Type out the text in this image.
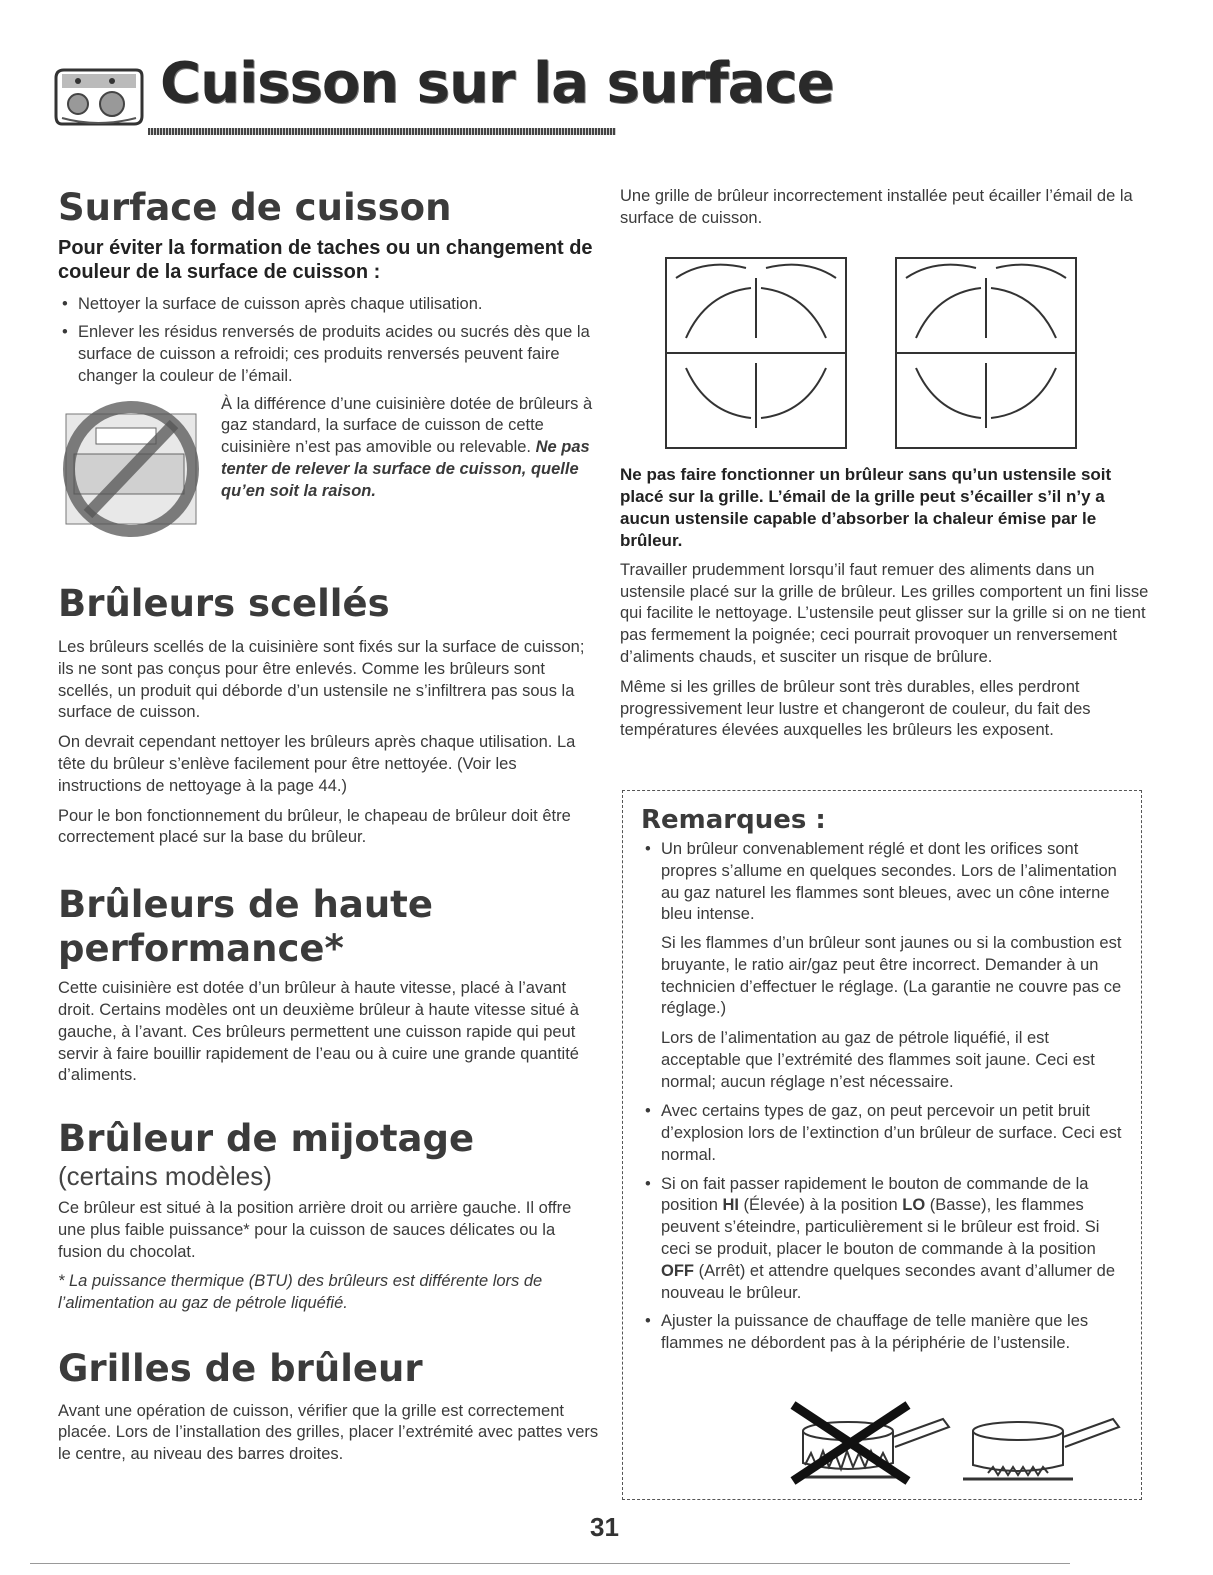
Cuisson sur la surface
Surface de cuisson
Pour éviter la formation de taches ou un changement de couleur de la surface de cuisson :
• Nettoyer la surface de cuisson après chaque utilisation.
• Enlever les résidus renversés de produits acides ou sucrés dès que la surface de cuisson a refroidi; ces produits renversés peuvent faire changer la couleur de l’émail.

À la différence d’une cuisinière dotée de brûleurs à gaz standard, la surface de cuisson de cette cuisinière n’est pas amovible ou relevable. Ne pas tenter de relever la surface de cuisson, quelle qu’en soit la raison.

Brûleurs scellés

Les brûleurs scellés de la cuisinière sont fixés sur la surface de cuisson; ils ne sont pas conçus pour être enlevés. Comme les brûleurs sont scellés, un produit qui déborde d’un ustensile ne s’infiltrera pas sous la surface de cuisson.

On devrait cependant nettoyer les brûleurs après chaque utilisation. La tête du brûleur s’enlève facilement pour être nettoyée. (Voir les instructions de nettoyage à la page 44.)

Pour le bon fonctionnement du brûleur, le chapeau de brûleur doit être correctement placé sur la base du brûleur.

Brûleurs de haute performance*

Cette cuisinière est dotée d’un brûleur à haute vitesse, placé à l’avant droit. Certains modèles ont un deuxième brûleur à haute vitesse situé à gauche, à l’avant. Ces brûleurs permettent une cuisson rapide qui peut servir à faire bouillir rapidement de l’eau ou à cuire une grande quantité d’aliments.

Brûleur de mijotage
(certains modèles)

Ce brûleur est situé à la position arrière droit ou arrière gauche. Il offre une plus faible puissance* pour la cuisson de sauces délicates ou la fusion du chocolat.

* La puissance thermique (BTU) des brûleurs est différente lors de l’alimentation au gaz de pétrole liquéfié.

Grilles de brûleur

Avant une opération de cuisson, vérifier que la grille est correctement placée. Lors de l’installation des grilles, placer l’extrémité avec pattes vers le centre, au niveau des barres droites.

Une grille de brûleur incorrectement installée peut écailler l’émail de la surface de cuisson.

Ne pas faire fonctionner un brûleur sans qu’un ustensile soit placé sur la grille. L’émail de la grille peut s’écailler s’il n’y a aucun ustensile capable d’absorber la chaleur émise par le brûleur.

Travailler prudemment lorsqu’il faut remuer des aliments dans un ustensile placé sur la grille de brûleur. Les grilles comportent un fini lisse qui facilite le nettoyage. L’ustensile peut glisser sur la grille si on ne tient pas fermement la poignée; ceci pourrait provoquer un renversement d’aliments chauds, et susciter un risque de brûlure.

Même si les grilles de brûleur sont très durables, elles perdront progressivement leur lustre et changeront de couleur, du fait des températures élevées auxquelles les brûleurs les exposent.

Remarques :
• Un brûleur convenablement réglé et dont les orifices sont propres s’allume en quelques secondes. Lors de l’alimentation au gaz naturel les flammes sont bleues, avec un cône interne bleu intense.

Si les flammes d’un brûleur sont jaunes ou si la combustion est bruyante, le ratio air/gaz peut être incorrect. Demander à un technicien d’effectuer le réglage. (La garantie ne couvre pas ce réglage.)

Lors de l’alimentation au gaz de pétrole liquéfié, il est acceptable que l’extrémité des flammes soit jaune. Ceci est normal; aucun réglage n’est nécessaire.

• Avec certains types de gaz, on peut percevoir un petit bruit d’explosion lors de l’extinction d’un brûleur de surface. Ceci est normal.
• Si on fait passer rapidement le bouton de commande de la position HI (Élevée) à la position LO (Basse), les flammes peuvent s’éteindre, particulièrement si le brûleur est froid. Si ceci se produit, placer le bouton de commande à la position OFF (Arrêt) et attendre quelques secondes avant d’allumer de nouveau le brûleur.
• Ajuster la puissance de chauffage de telle manière que les flammes ne débordent pas à la périphérie de l’ustensile.
31
